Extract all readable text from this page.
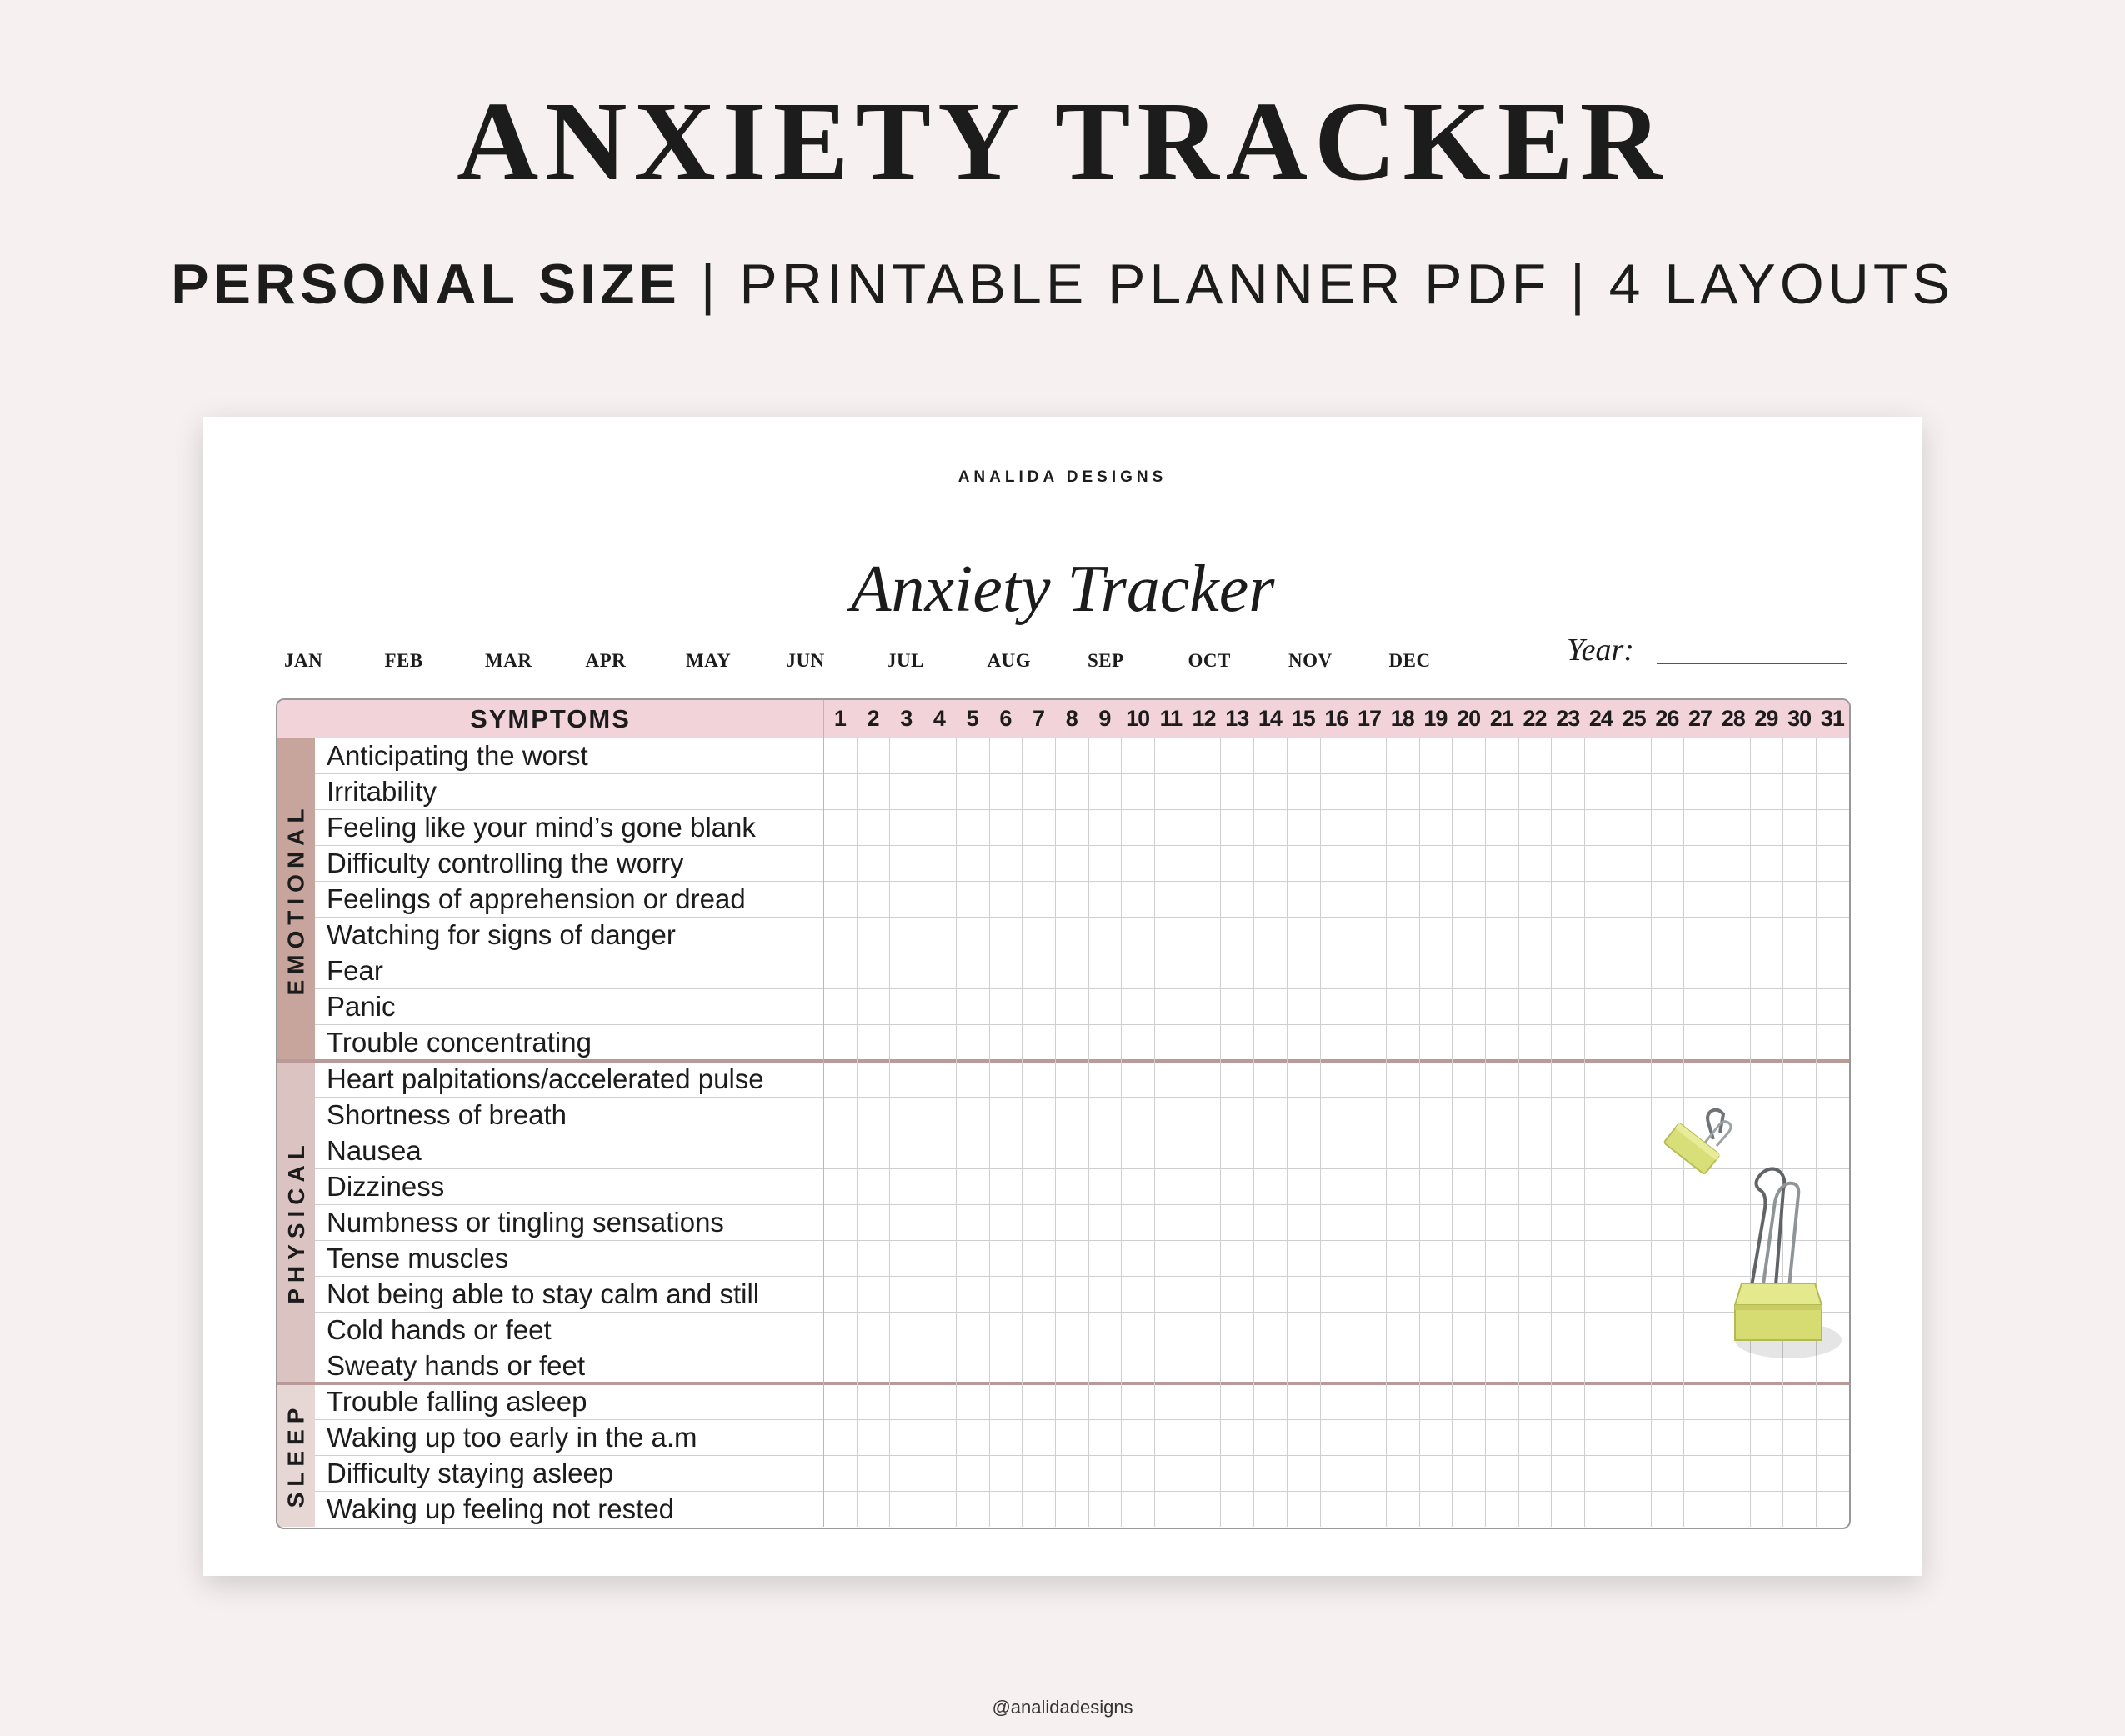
ANXIETY TRACKER
PERSONAL SIZE | PRINTABLE PLANNER PDF | 4 LAYOUTS
ANALIDA DESIGNS
Anxiety Tracker
JAN	FEB	MAR	APR	MAY	JUN	JUL	AUG	SEP	OCT	NOV	DEC	Year:
SYMPTOMS	1 2 3 4 5 6 7 8 9 10 11 12 13 14 15 16 17 18 19 20 21 22 23 24 25 26 27 28 29 30 31
EMOTIONAL
Anticipating the worst
Irritability
Feeling like your mind’s gone blank
Difficulty controlling the worry
Feelings of apprehension or dread
Watching for signs of danger
Fear
Panic
Trouble concentrating
PHYSICAL
Heart palpitations/accelerated pulse
Shortness of breath
Nausea
Dizziness
Numbness or tingling sensations
Tense muscles
Not being able to stay calm and still
Cold hands or feet
Sweaty hands or feet
SLEEP
Trouble falling asleep
Waking up too early in the a.m
Difficulty staying asleep
Waking up feeling not rested
@analidadesigns
